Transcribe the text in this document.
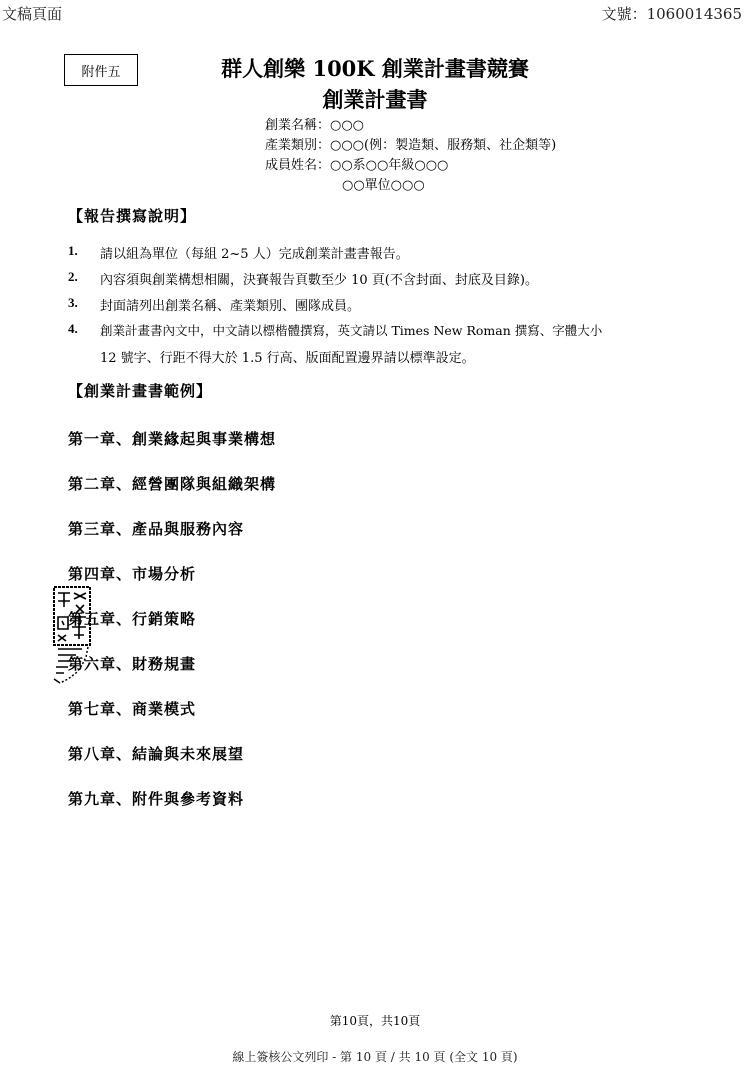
文稿頁面	文號：1060014365
附件五	群人創樂 100K 創業計畫書競賽
創業計畫書
創業名稱：○○○
產業類別：○○○(例：製造類、服務類、社企類等)
成員姓名：○○系○○年級○○○
○○單位○○○
【報告撰寫說明】
1. 請以組為單位（每組 2~5 人）完成創業計畫書報告。
2. 內容須與創業構想相關，決賽報告頁數至少 10 頁(不含封面、封底及目錄)。
3. 封面請列出創業名稱、產業類別、團隊成員。
4. 創業計畫書內文中，中文請以標楷體撰寫，英文請以 Times New Roman 撰寫、字體大小
12 號字、行距不得大於 1.5 行高、版面配置邊界請以標準設定。
【創業計畫書範例】
第一章、創業緣起與事業構想
第二章、經營團隊與組織架構
第三章、產品與服務內容
第四章、市場分析
第五章、行銷策略
第六章、財務規畫
第七章、商業模式
第八章、結論與未來展望
第九章、附件與參考資料
第10頁，共10頁
線上簽核公文列印 - 第 10 頁 / 共 10 頁 (全文 10 頁)
